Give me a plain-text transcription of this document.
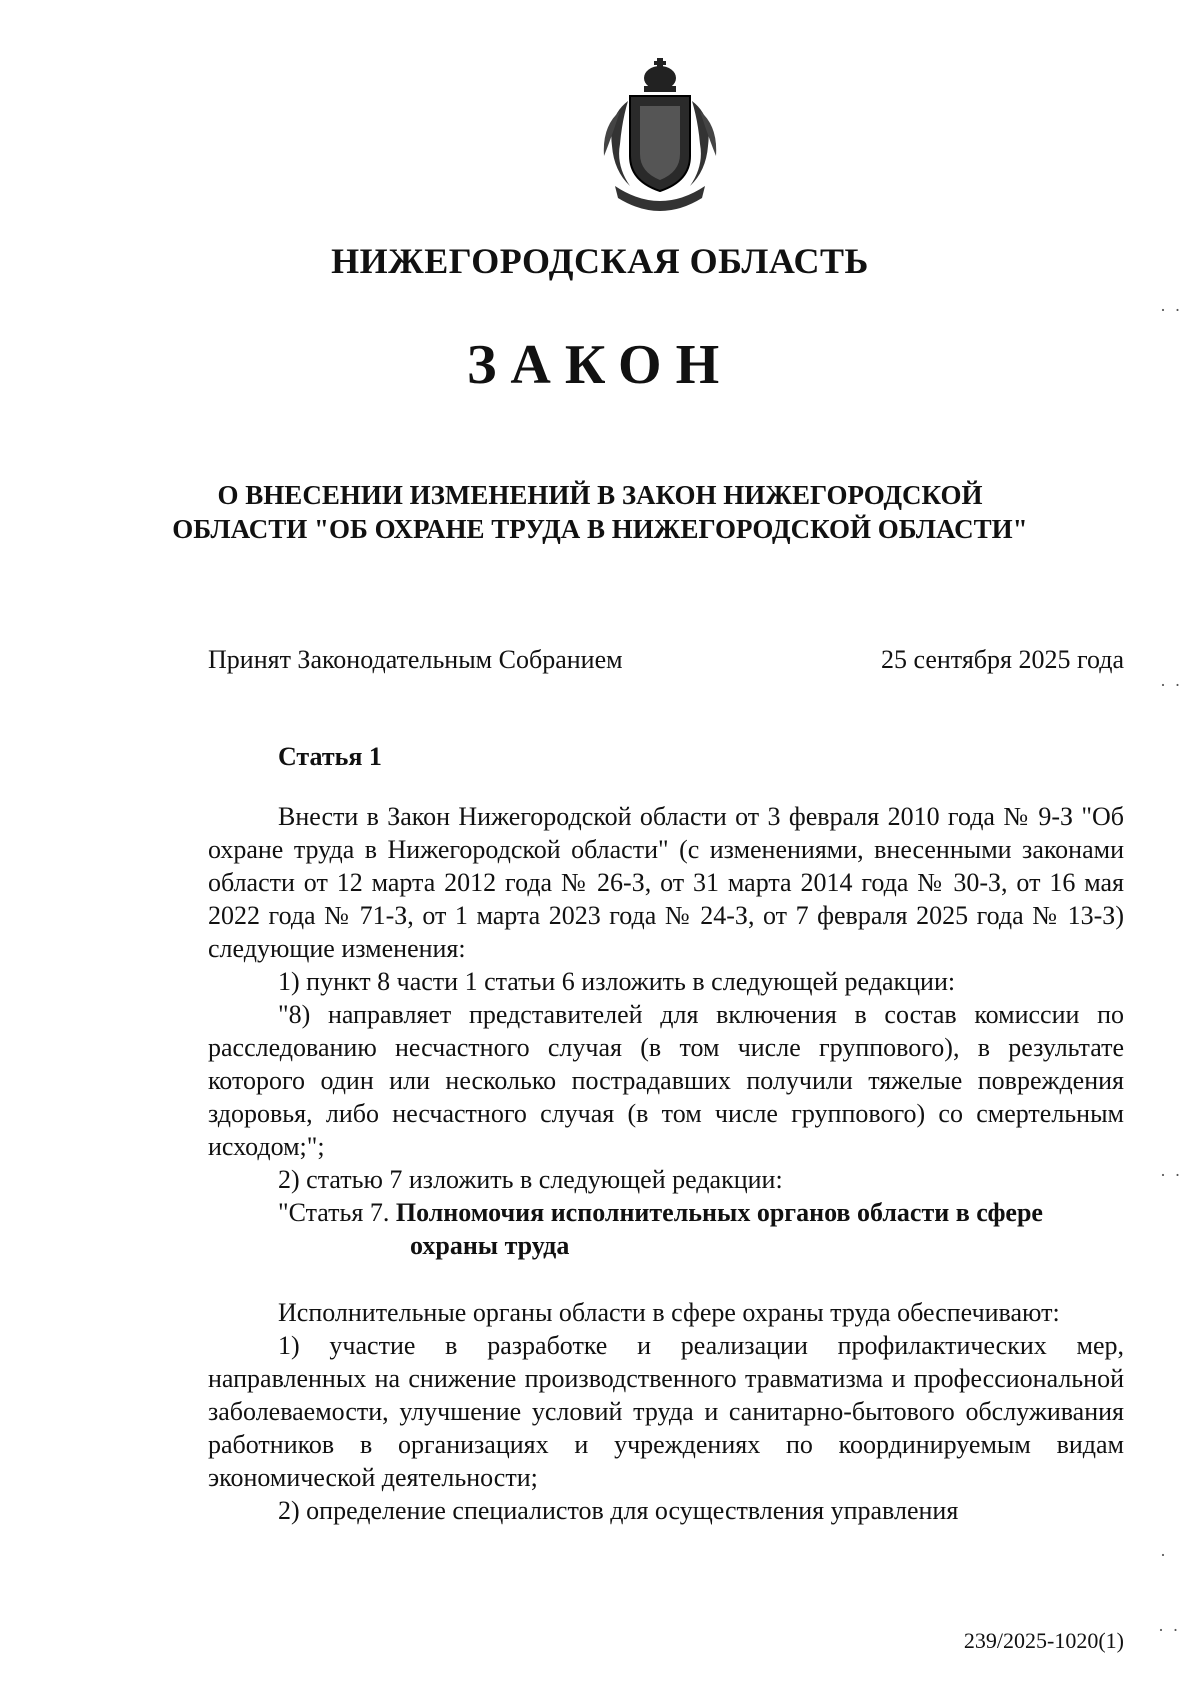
НИЖЕГОРОДСКАЯ ОБЛАСТЬ
ЗАКОН
О ВНЕСЕНИИ ИЗМЕНЕНИЙ В ЗАКОН НИЖЕГОРОДСКОЙ
ОБЛАСТИ "ОБ ОХРАНЕ ТРУДА В НИЖЕГОРОДСКОЙ ОБЛАСТИ"
Принят Законодательным Собранием	25 сентября 2025 года
Статья 1

Внести в Закон Нижегородской области от 3 февраля 2010 года № 9-З "Об охране труда в Нижегородской области" (с изменениями, внесенными законами области от 12 марта 2012 года № 26-З, от 31 марта 2014 года № 30-З, от 16 мая 2022 года № 71-З, от 1 марта 2023 года № 24-З, от 7 февраля 2025 года № 13-З) следующие изменения:

1) пункт 8 части 1 статьи 6 изложить в следующей редакции:

"8) направляет представителей для включения в состав комиссии по расследованию несчастного случая (в том числе группового), в результате которого один или несколько пострадавших получили тяжелые повреждения здоровья, либо несчастного случая (в том числе группового) со смертельным исходом;";

2) статью 7 изложить в следующей редакции:

"Статья 7. Полномочия исполнительных органов области в сфере

охраны труда

Исполнительные органы области в сфере охраны труда обеспечивают:

1) участие в разработке и реализации профилактических мер, направленных на снижение производственного травматизма и профессиональной заболеваемости, улучшение условий труда и санитарно-бытового обслуживания работников в организациях и учреждениях по координируемым видам экономической деятельности;

2) определение специалистов для осуществления управления

239/2025-1020(1)
· ·
· ·
· ·
·
· ·
